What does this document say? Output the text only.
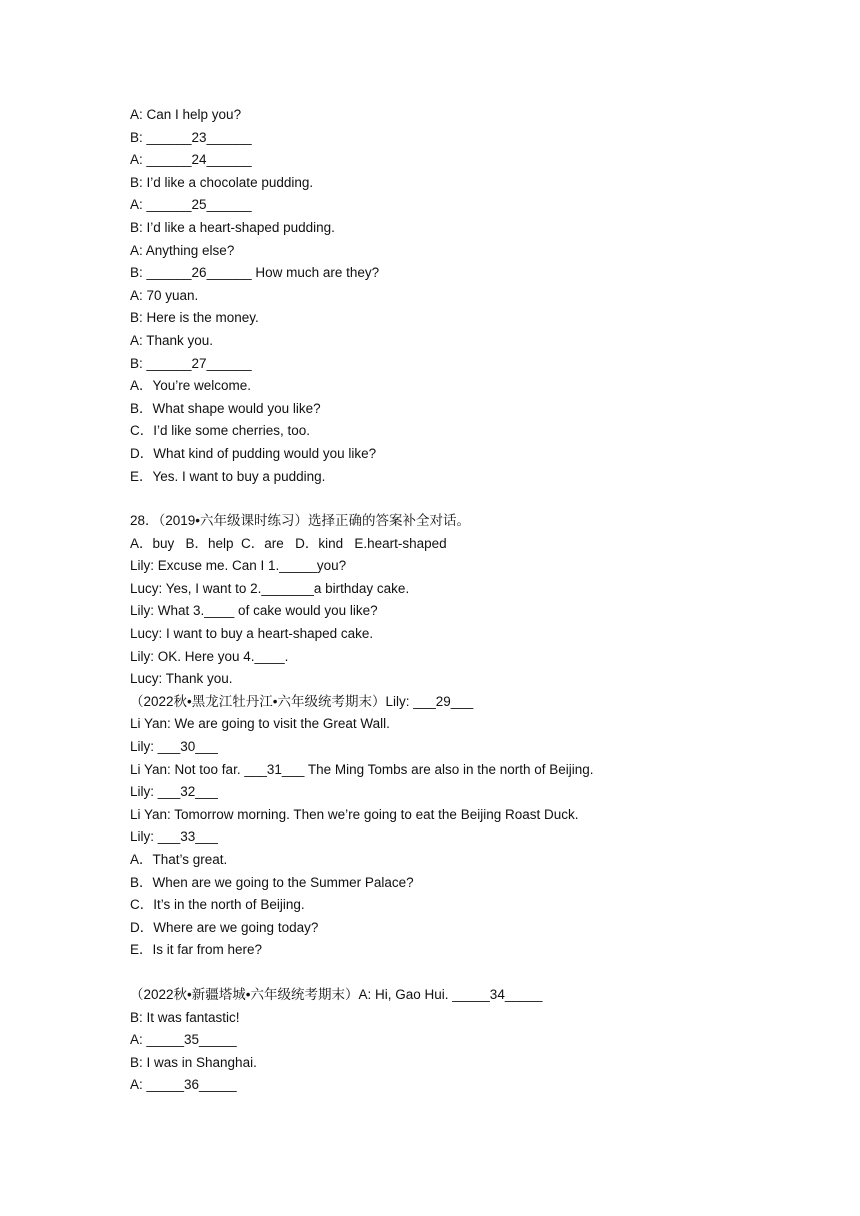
A: Can I help you?
B: ______23______
A: ______24______
B: I’d like a chocolate pudding.
A: ______25______
B: I’d like a heart-shaped pudding.
A: Anything else?
B: ______26______ How much are they?
A: 70 yuan.
B: Here is the money.
A: Thank you.
B: ______27______
A．You’re welcome.
B．What shape would you like?
C．I’d like some cherries, too.
D．What kind of pudding would you like?
E．Yes. I want to buy a pudding.
28．（2019•六年级课时练习）选择正确的答案补全对话。
A．buy   B．help  C．are   D．kind   E.heart-shaped
Lily: Excuse me. Can I 1._____you?
Lucy: Yes, I want to 2._______a birthday cake.
Lily: What 3.____ of cake would you like?
Lucy: I want to buy a heart-shaped cake.
Lily: OK. Here you 4.____.
Lucy: Thank you.
（2022秋•黑龙江牡丹江•六年级统考期末）Lily: ___29___
Li Yan: We are going to visit the Great Wall.
Lily: ___30___
Li Yan: Not too far. ___31___ The Ming Tombs are also in the north of Beijing.
Lily: ___32___
Li Yan: Tomorrow morning. Then we’re going to eat the Beijing Roast Duck.
Lily: ___33___
A．That’s great.
B．When are we going to the Summer Palace?
C．It’s in the north of Beijing.
D．Where are we going today?
E．Is it far from here?
（2022秋•新疆塔城•六年级统考期末）A: Hi, Gao Hui. _____34_____
B: It was fantastic!
A: _____35_____
B: I was in Shanghai.
A: _____36_____
